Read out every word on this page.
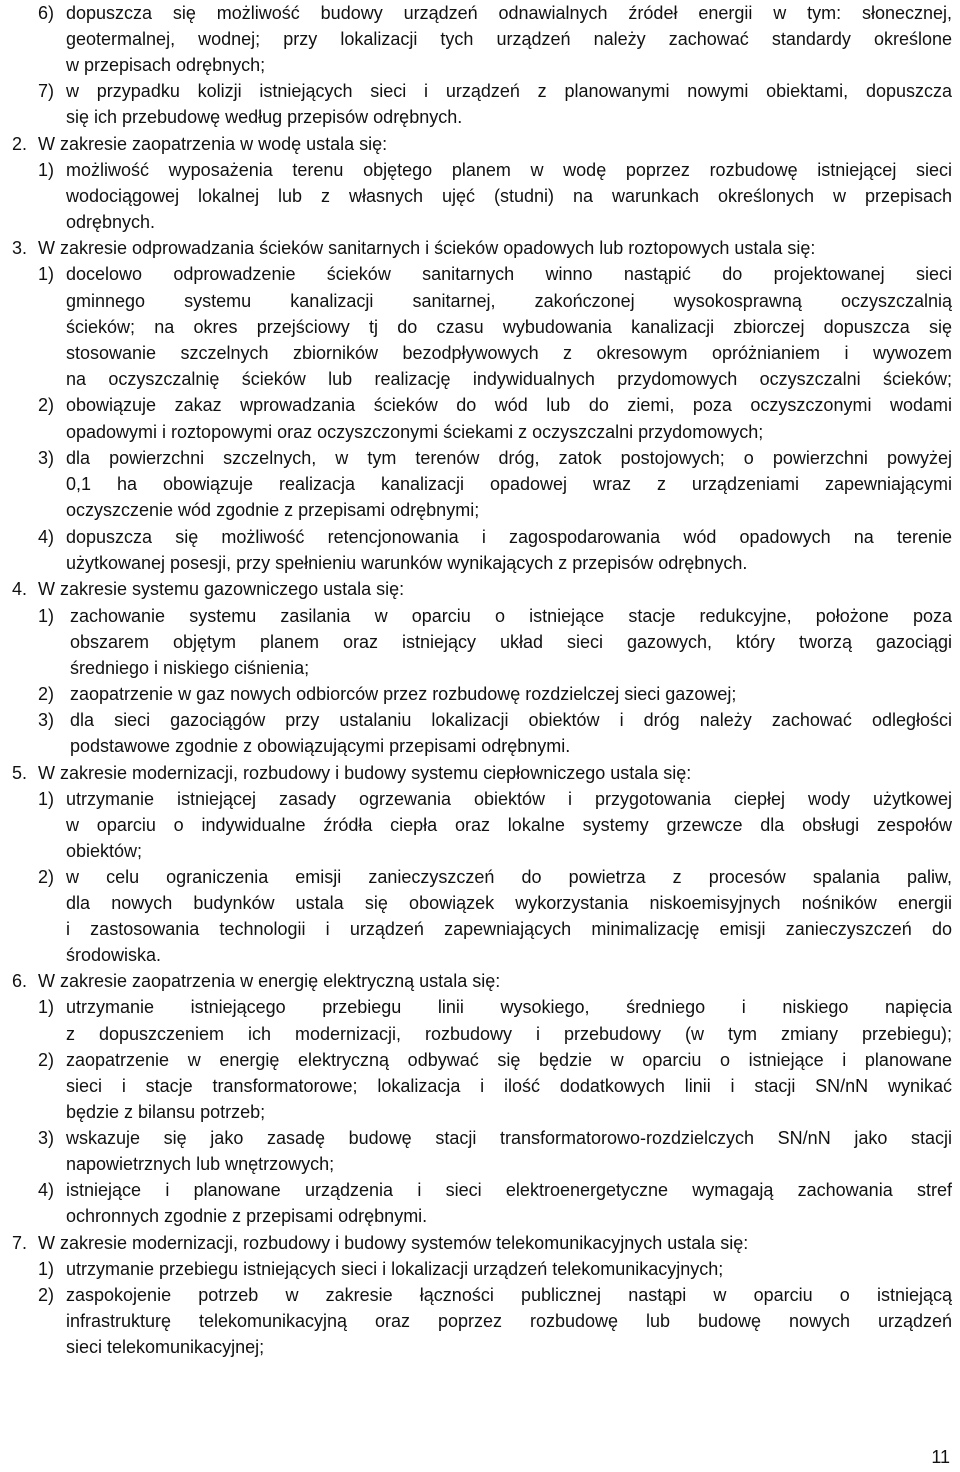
11
6) dopuszcza się możliwość budowy urządzeń odnawialnych źródeł energii w tym: słonecznej,
geotermalnej, wodnej; przy lokalizacji tych urządzeń należy zachować standardy określone
w przepisach odrębnych;
7) w przypadku kolizji istniejących sieci i urządzeń z planowanymi nowymi obiektami, dopuszcza
się ich przebudowę według przepisów odrębnych.
2. W zakresie zaopatrzenia w wodę ustala się:
1) możliwość wyposażenia terenu objętego planem w wodę poprzez rozbudowę istniejącej sieci
wodociągowej lokalnej lub z własnych ujęć (studni) na warunkach określonych w przepisach
odrębnych.
3. W zakresie odprowadzania ścieków sanitarnych i ścieków opadowych lub roztopowych ustala się:
1) docelowo odprowadzenie ścieków sanitarnych winno nastąpić do projektowanej sieci
gminnego systemu kanalizacji sanitarnej, zakończonej wysokosprawną oczyszczalnią
ścieków; na okres przejściowy tj do czasu wybudowania kanalizacji zbiorczej dopuszcza się
stosowanie szczelnych zbiorników bezodpływowych z okresowym opróżnianiem i wywozem
na oczyszczalnię ścieków lub realizację indywidualnych przydomowych oczyszczalni ścieków;
2) obowiązuje zakaz wprowadzania ścieków do wód lub do ziemi, poza oczyszczonymi wodami
opadowymi i roztopowymi oraz oczyszczonymi ściekami z oczyszczalni przydomowych;
3) dla powierzchni szczelnych, w tym terenów dróg, zatok postojowych; o powierzchni powyżej
0,1 ha obowiązuje realizacja kanalizacji opadowej wraz z urządzeniami zapewniającymi
oczyszczenie wód zgodnie z przepisami odrębnymi;
4) dopuszcza się możliwość retencjonowania i zagospodarowania wód opadowych na terenie
użytkowanej posesji, przy spełnieniu warunków wynikających z przepisów odrębnych.
4. W zakresie systemu gazowniczego ustala się:
1) zachowanie systemu zasilania w oparciu o istniejące stacje redukcyjne, położone poza
obszarem objętym planem oraz istniejący układ sieci gazowych, który tworzą gazociągi
średniego i niskiego ciśnienia;
2) zaopatrzenie w gaz nowych odbiorców przez rozbudowę rozdzielczej sieci gazowej;
3) dla sieci gazociągów przy ustalaniu lokalizacji obiektów i dróg należy zachować odległości
podstawowe zgodnie z obowiązującymi przepisami odrębnymi.
5. W zakresie modernizacji, rozbudowy i budowy systemu ciepłowniczego ustala się:
1) utrzymanie istniejącej zasady ogrzewania obiektów i przygotowania ciepłej wody użytkowej
w oparciu o indywidualne źródła ciepła oraz lokalne systemy grzewcze dla obsługi zespołów
obiektów;
2) w celu ograniczenia emisji zanieczyszczeń do powietrza z procesów spalania paliw,
dla nowych budynków ustala się obowiązek wykorzystania niskoemisyjnych nośników energii
i zastosowania technologii i urządzeń zapewniających minimalizację emisji zanieczyszczeń do
środowiska.
6. W zakresie zaopatrzenia w energię elektryczną ustala się:
1) utrzymanie istniejącego przebiegu linii wysokiego, średniego i niskiego napięcia
z dopuszczeniem ich modernizacji, rozbudowy i przebudowy (w tym zmiany przebiegu);
2) zaopatrzenie w energię elektryczną odbywać się będzie w oparciu o istniejące i planowane
sieci i stacje transformatorowe; lokalizacja i ilość dodatkowych linii i stacji SN/nN wynikać
będzie z bilansu potrzeb;
3) wskazuje się jako zasadę budowę stacji transformatorowo-rozdzielczych SN/nN jako stacji
napowietrznych lub wnętrzowych;
4) istniejące i planowane urządzenia i sieci elektroenergetyczne wymagają zachowania stref
ochronnych zgodnie z przepisami odrębnymi.
7. W zakresie modernizacji, rozbudowy i budowy systemów telekomunikacyjnych ustala się:
1) utrzymanie przebiegu istniejących sieci i lokalizacji urządzeń telekomunikacyjnych;
2) zaspokojenie potrzeb w zakresie łączności publicznej nastąpi w oparciu o istniejącą
infrastrukturę telekomunikacyjną oraz poprzez rozbudowę lub budowę nowych urządzeń
sieci telekomunikacyjnej;
